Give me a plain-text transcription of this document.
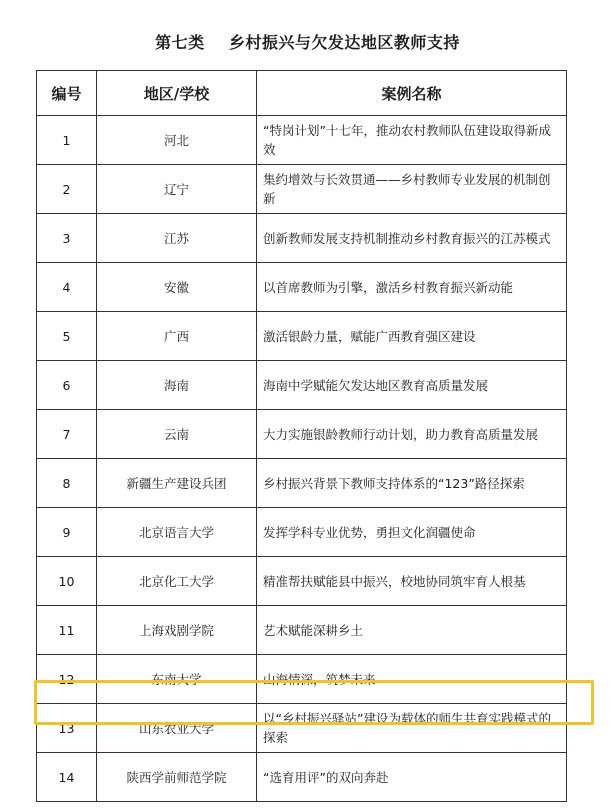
第七类    乡村振兴与欠发达地区教师支持
编号	地区/学校	案例名称
1	河北	“特岗计划”十七年，推动农村教师队伍建设取得新成效
2	辽宁	集约增效与长效贯通——乡村教师专业发展的机制创新
3	江苏	创新教师发展支持机制推动乡村教育振兴的江苏模式
4	安徽	以首席教师为引擎，激活乡村教育振兴新动能
5	广西	激活银龄力量，赋能广西教育强区建设
6	海南	海南中学赋能欠发达地区教育高质量发展
7	云南	大力实施银龄教师行动计划，助力教育高质量发展
8	新疆生产建设兵团	乡村振兴背景下教师支持体系的“123”路径探索
9	北京语言大学	发挥学科专业优势，勇担文化润疆使命
10	北京化工大学	精准帮扶赋能县中振兴，校地协同筑牢育人根基
11	上海戏剧学院	艺术赋能深耕乡土
12	东南大学	山海情深，筑梦未来
13	山东农业大学	以“乡村振兴驿站”建设为载体的师生共育实践模式的探索
14	陕西学前师范学院	“选育用评”的双向奔赴
